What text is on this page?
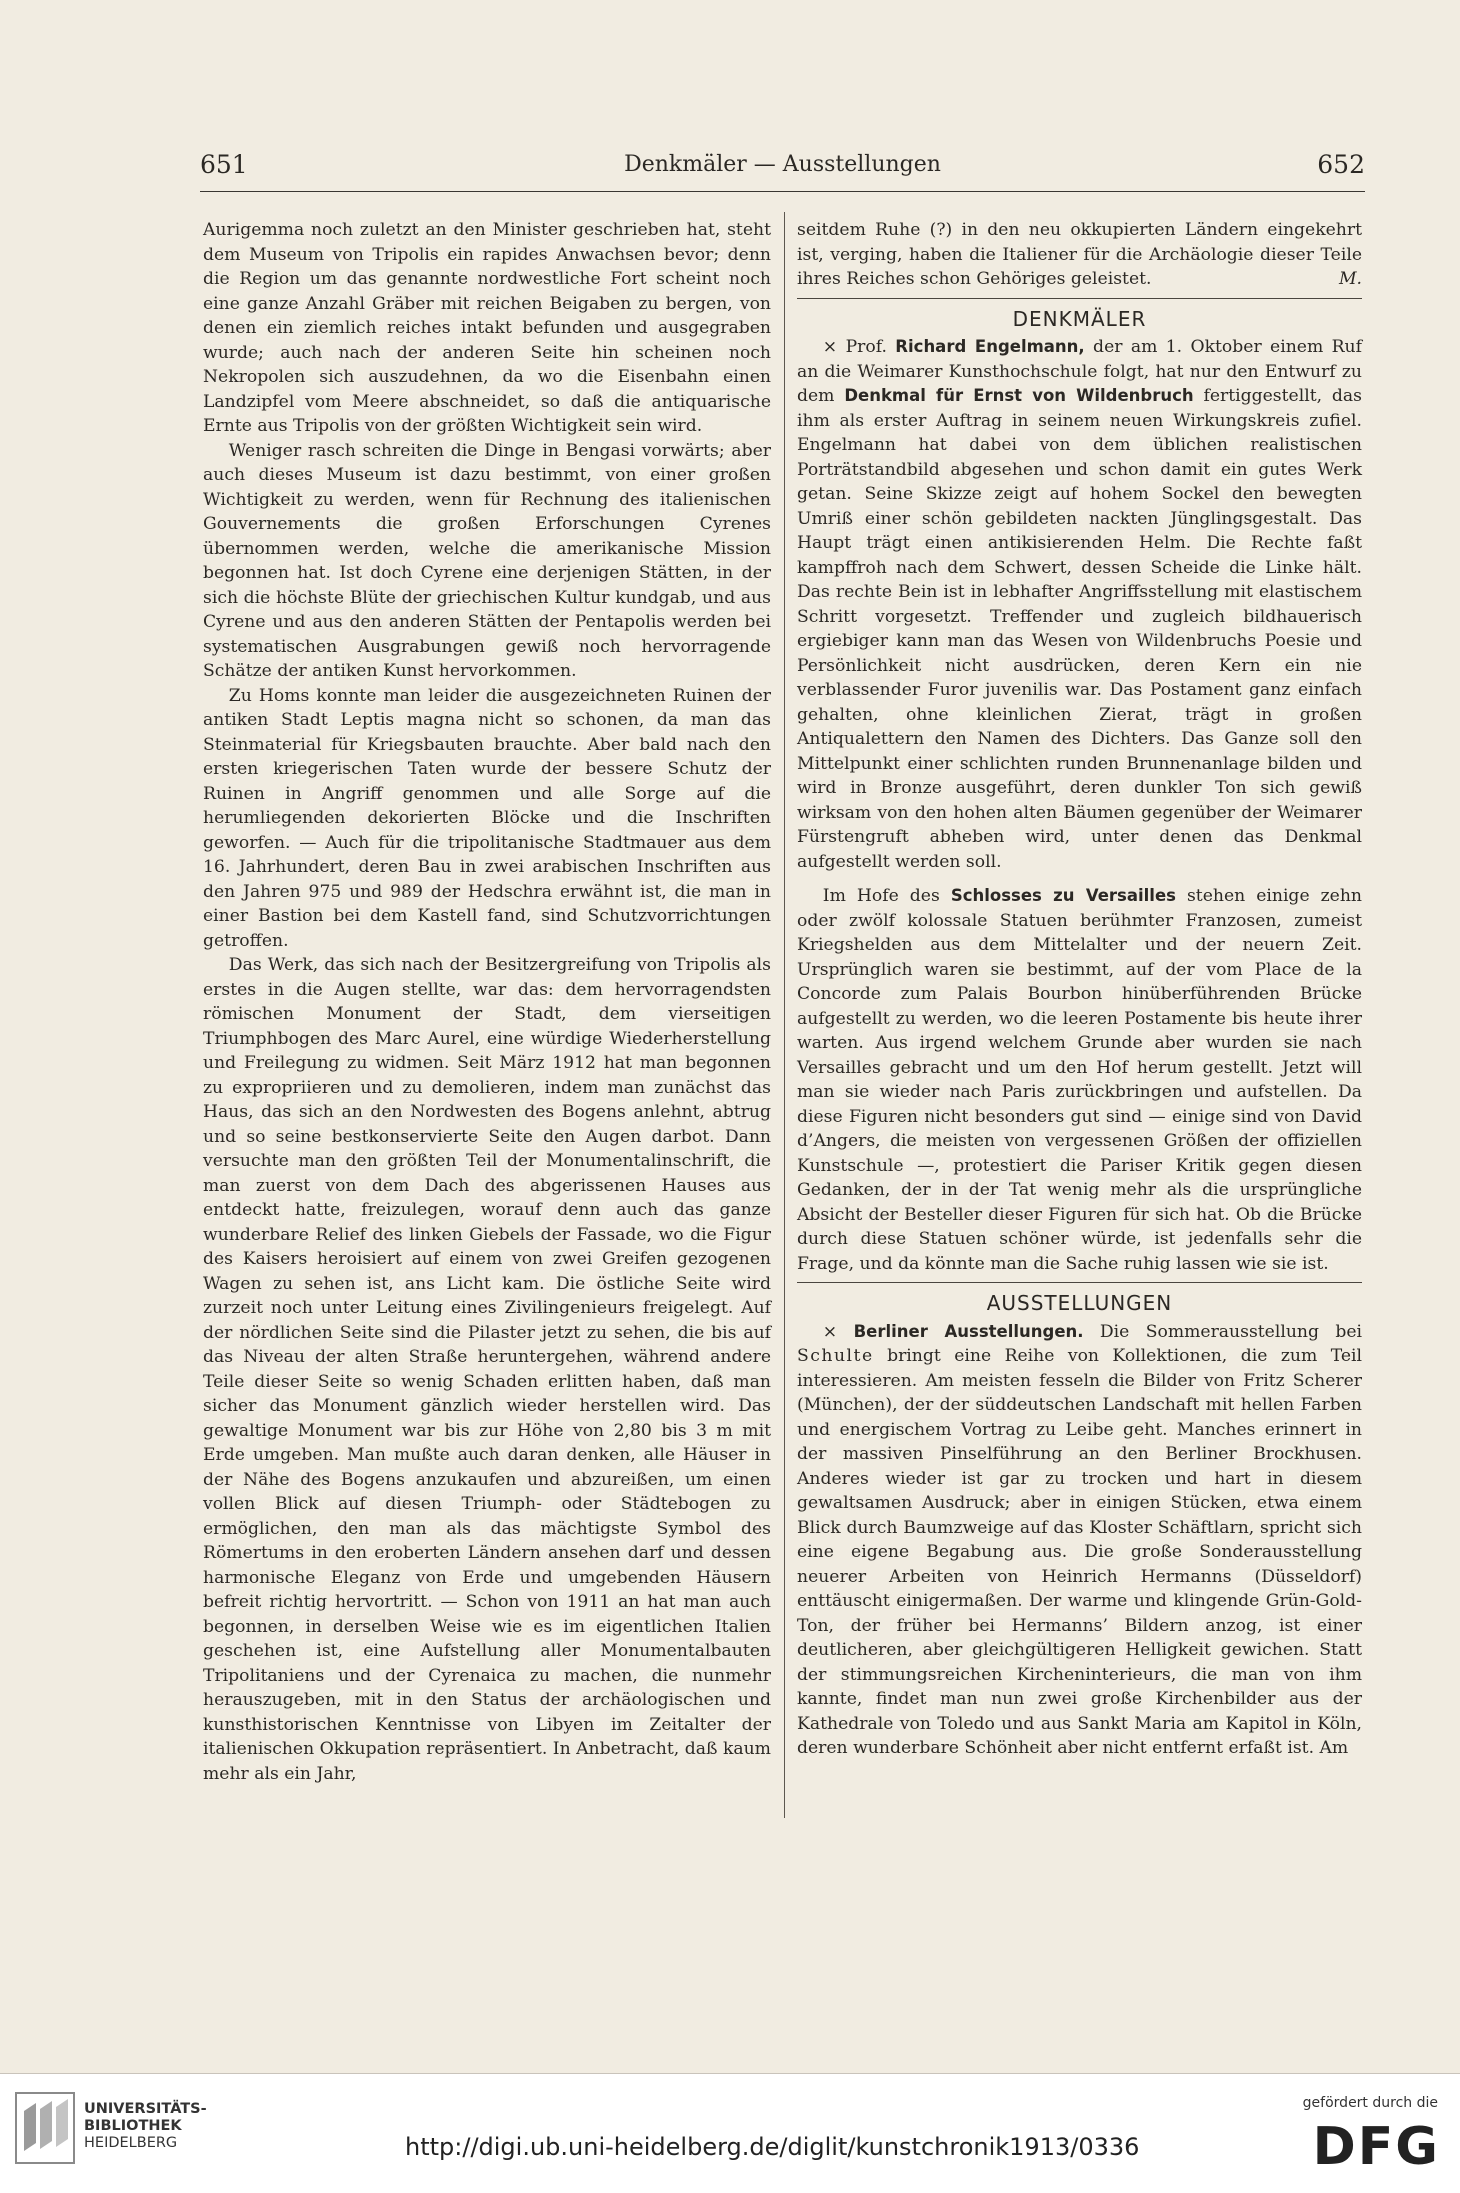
651	Denkmäler — Ausstellungen	652

Aurigemma noch zuletzt an den Minister geschrieben hat, steht dem Museum von Tripolis ein rapides Anwachsen bevor; denn die Region um das genannte nordwestliche Fort scheint noch eine ganze Anzahl Gräber mit reichen Beigaben zu bergen, von denen ein ziemlich reiches intakt befunden und ausgegraben wurde; auch nach der anderen Seite hin scheinen noch Nekropolen sich auszudehnen, da wo die Eisenbahn einen Landzipfel vom Meere abschneidet, so daß die antiquarische Ernte aus Tripolis von der größten Wichtigkeit sein wird.

Weniger rasch schreiten die Dinge in Bengasi vorwärts; aber auch dieses Museum ist dazu bestimmt, von einer großen Wichtigkeit zu werden, wenn für Rechnung des italienischen Gouvernements die großen Erforschungen Cyrenes übernommen werden, welche die amerikanische Mission begonnen hat. Ist doch Cyrene eine derjenigen Stätten, in der sich die höchste Blüte der griechischen Kultur kundgab, und aus Cyrene und aus den anderen Stätten der Pentapolis werden bei systematischen Ausgrabungen gewiß noch hervorragende Schätze der antiken Kunst hervorkommen.

Zu Homs konnte man leider die ausgezeichneten Ruinen der antiken Stadt Leptis magna nicht so schonen, da man das Steinmaterial für Kriegsbauten brauchte. Aber bald nach den ersten kriegerischen Taten wurde der bessere Schutz der Ruinen in Angriff genommen und alle Sorge auf die herumliegenden dekorierten Blöcke und die Inschriften geworfen. — Auch für die tripolitanische Stadtmauer aus dem 16. Jahrhundert, deren Bau in zwei arabischen Inschriften aus den Jahren 975 und 989 der Hedschra erwähnt ist, die man in einer Bastion bei dem Kastell fand, sind Schutzvorrichtungen getroffen.

Das Werk, das sich nach der Besitzergreifung von Tripolis als erstes in die Augen stellte, war das: dem hervorragendsten römischen Monument der Stadt, dem vierseitigen Triumphbogen des Marc Aurel, eine würdige Wiederherstellung und Freilegung zu widmen. Seit März 1912 hat man begonnen zu expropriieren und zu demolieren, indem man zunächst das Haus, das sich an den Nordwesten des Bogens anlehnt, abtrug und so seine bestkonservierte Seite den Augen darbot. Dann versuchte man den größten Teil der Monumentalinschrift, die man zuerst von dem Dach des abgerissenen Hauses aus entdeckt hatte, freizulegen, worauf denn auch das ganze wunderbare Relief des linken Giebels der Fassade, wo die Figur des Kaisers heroisiert auf einem von zwei Greifen gezogenen Wagen zu sehen ist, ans Licht kam. Die östliche Seite wird zurzeit noch unter Leitung eines Zivilingenieurs freigelegt. Auf der nördlichen Seite sind die Pilaster jetzt zu sehen, die bis auf das Niveau der alten Straße heruntergehen, während andere Teile dieser Seite so wenig Schaden erlitten haben, daß man sicher das Monument gänzlich wieder herstellen wird. Das gewaltige Monument war bis zur Höhe von 2,80 bis 3 m mit Erde umgeben. Man mußte auch daran denken, alle Häuser in der Nähe des Bogens anzukaufen und abzureißen, um einen vollen Blick auf diesen Triumph- oder Städtebogen zu ermöglichen, den man als das mächtigste Symbol des Römertums in den eroberten Ländern ansehen darf und dessen harmonische Eleganz von Erde und umgebenden Häusern befreit richtig hervortritt. — Schon von 1911 an hat man auch begonnen, in derselben Weise wie es im eigentlichen Italien geschehen ist, eine Aufstellung aller Monumentalbauten Tripolitaniens und der Cyrenaica zu machen, die nunmehr herauszugeben, mit in den Status der archäologischen und kunsthistorischen Kenntnisse von Libyen im Zeitalter der italienischen Okkupation repräsentiert. In Anbetracht, daß kaum mehr als ein Jahr,

seitdem Ruhe (?) in den neu okkupierten Ländern eingekehrt ist, verging, haben die Italiener für die Archäologie dieser Teile ihres Reiches schon Gehöriges geleistet.	M.

DENKMÄLER

× Prof. Richard Engelmann, der am 1. Oktober einem Ruf an die Weimarer Kunsthochschule folgt, hat nur den Entwurf zu dem Denkmal für Ernst von Wildenbruch fertiggestellt, das ihm als erster Auftrag in seinem neuen Wirkungskreis zufiel. Engelmann hat dabei von dem üblichen realistischen Porträtstandbild abgesehen und schon damit ein gutes Werk getan. Seine Skizze zeigt auf hohem Sockel den bewegten Umriß einer schön gebildeten nackten Jünglingsgestalt. Das Haupt trägt einen antikisierenden Helm. Die Rechte faßt kampffroh nach dem Schwert, dessen Scheide die Linke hält. Das rechte Bein ist in lebhafter Angriffsstellung mit elastischem Schritt vorgesetzt. Treffender und zugleich bildhauerisch ergiebiger kann man das Wesen von Wildenbruchs Poesie und Persönlichkeit nicht ausdrücken, deren Kern ein nie verblassender Furor juvenilis war. Das Postament ganz einfach gehalten, ohne kleinlichen Zierat, trägt in großen Antiqualettern den Namen des Dichters. Das Ganze soll den Mittelpunkt einer schlichten runden Brunnenanlage bilden und wird in Bronze ausgeführt, deren dunkler Ton sich gewiß wirksam von den hohen alten Bäumen gegenüber der Weimarer Fürstengruft abheben wird, unter denen das Denkmal aufgestellt werden soll.

Im Hofe des Schlosses zu Versailles stehen einige zehn oder zwölf kolossale Statuen berühmter Franzosen, zumeist Kriegshelden aus dem Mittelalter und der neuern Zeit. Ursprünglich waren sie bestimmt, auf der vom Place de la Concorde zum Palais Bourbon hinüberführenden Brücke aufgestellt zu werden, wo die leeren Postamente bis heute ihrer warten. Aus irgend welchem Grunde aber wurden sie nach Versailles gebracht und um den Hof herum gestellt. Jetzt will man sie wieder nach Paris zurückbringen und aufstellen. Da diese Figuren nicht besonders gut sind — einige sind von David d’Angers, die meisten von vergessenen Größen der offiziellen Kunstschule —, protestiert die Pariser Kritik gegen diesen Gedanken, der in der Tat wenig mehr als die ursprüngliche Absicht der Besteller dieser Figuren für sich hat. Ob die Brücke durch diese Statuen schöner würde, ist jedenfalls sehr die Frage, und da könnte man die Sache ruhig lassen wie sie ist.

AUSSTELLUNGEN

× Berliner Ausstellungen. Die Sommerausstellung bei Schulte bringt eine Reihe von Kollektionen, die zum Teil interessieren. Am meisten fesseln die Bilder von Fritz Scherer (München), der der süddeutschen Landschaft mit hellen Farben und energischem Vortrag zu Leibe geht. Manches erinnert in der massiven Pinselführung an den Berliner Brockhusen. Anderes wieder ist gar zu trocken und hart in diesem gewaltsamen Ausdruck; aber in einigen Stücken, etwa einem Blick durch Baumzweige auf das Kloster Schäftlarn, spricht sich eine eigene Begabung aus. Die große Sonderausstellung neuerer Arbeiten von Heinrich Hermanns (Düsseldorf) enttäuscht einigermaßen. Der warme und klingende Grün-Gold-Ton, der früher bei Hermanns’ Bildern anzog, ist einer deutlicheren, aber gleichgültigeren Helligkeit gewichen. Statt der stimmungsreichen Kircheninterieurs, die man von ihm kannte, findet man nun zwei große Kirchenbilder aus der Kathedrale von Toledo und aus Sankt Maria am Kapitol in Köln, deren wunderbare Schönheit aber nicht entfernt erfaßt ist. Am

UNIVERSITÄTS-
BIBLIOTHEK
HEIDELBERG	http://digi.ub.uni-heidelberg.de/diglit/kunstchronik1913/0336
gefördert durch die
DFG
